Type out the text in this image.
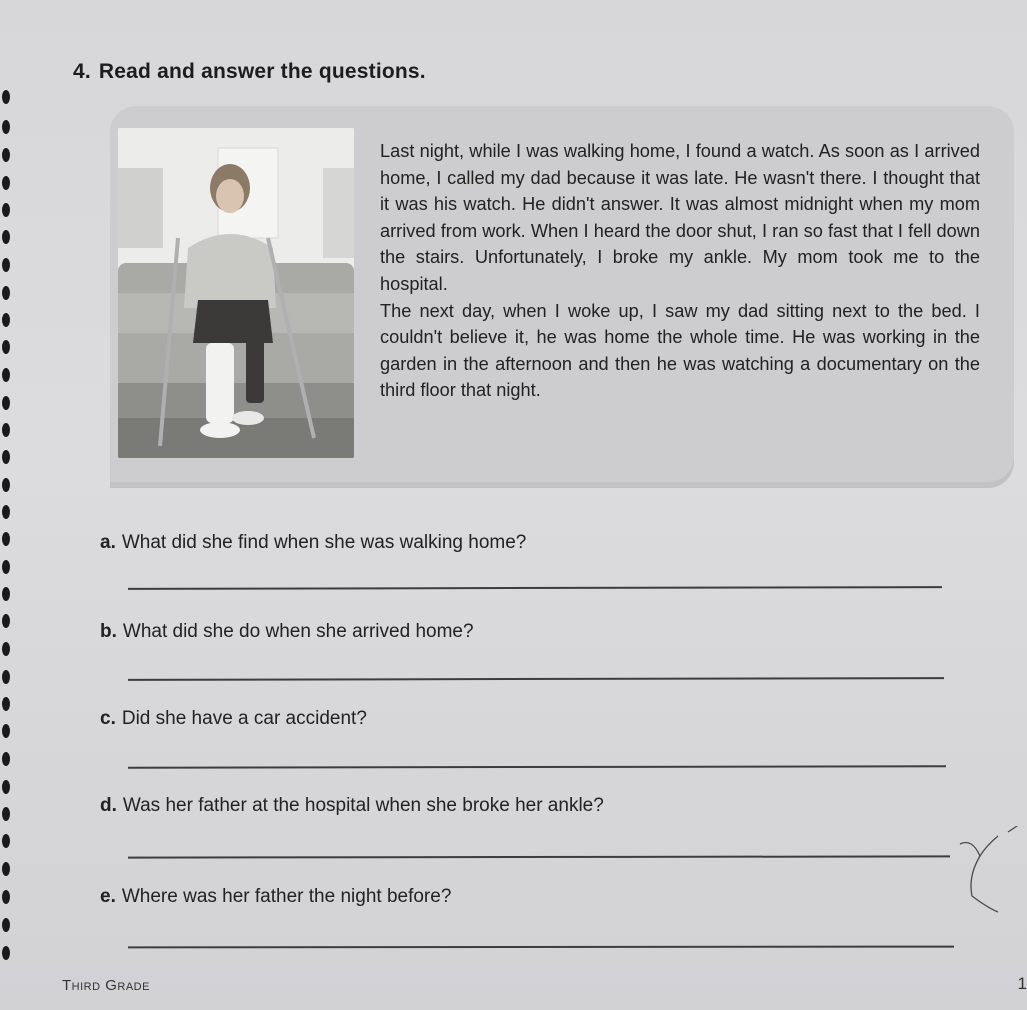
4. Read and answer the questions.

Last night, while I was walking home, I found a watch. As soon as I arrived home, I called my dad because it was late. He wasn't there. I thought that it was his watch. He didn't answer. It was almost midnight when my mom arrived from work. When I heard the door shut, I ran so fast that I fell down the stairs. Unfortunately, I broke my ankle. My mom took me to the hospital.

The next day, when I woke up, I saw my dad sitting next to the bed. I couldn't believe it, he was home the whole time. He was working in the garden in the afternoon and then he was watching a documentary on the third floor that night.

a. What did she find when she was walking home?
b. What did she do when she arrived home?
c. Did she have a car accident?
d. Was her father at the hospital when she broke her ankle?
e. Where was her father the night before?
Third Grade	1
